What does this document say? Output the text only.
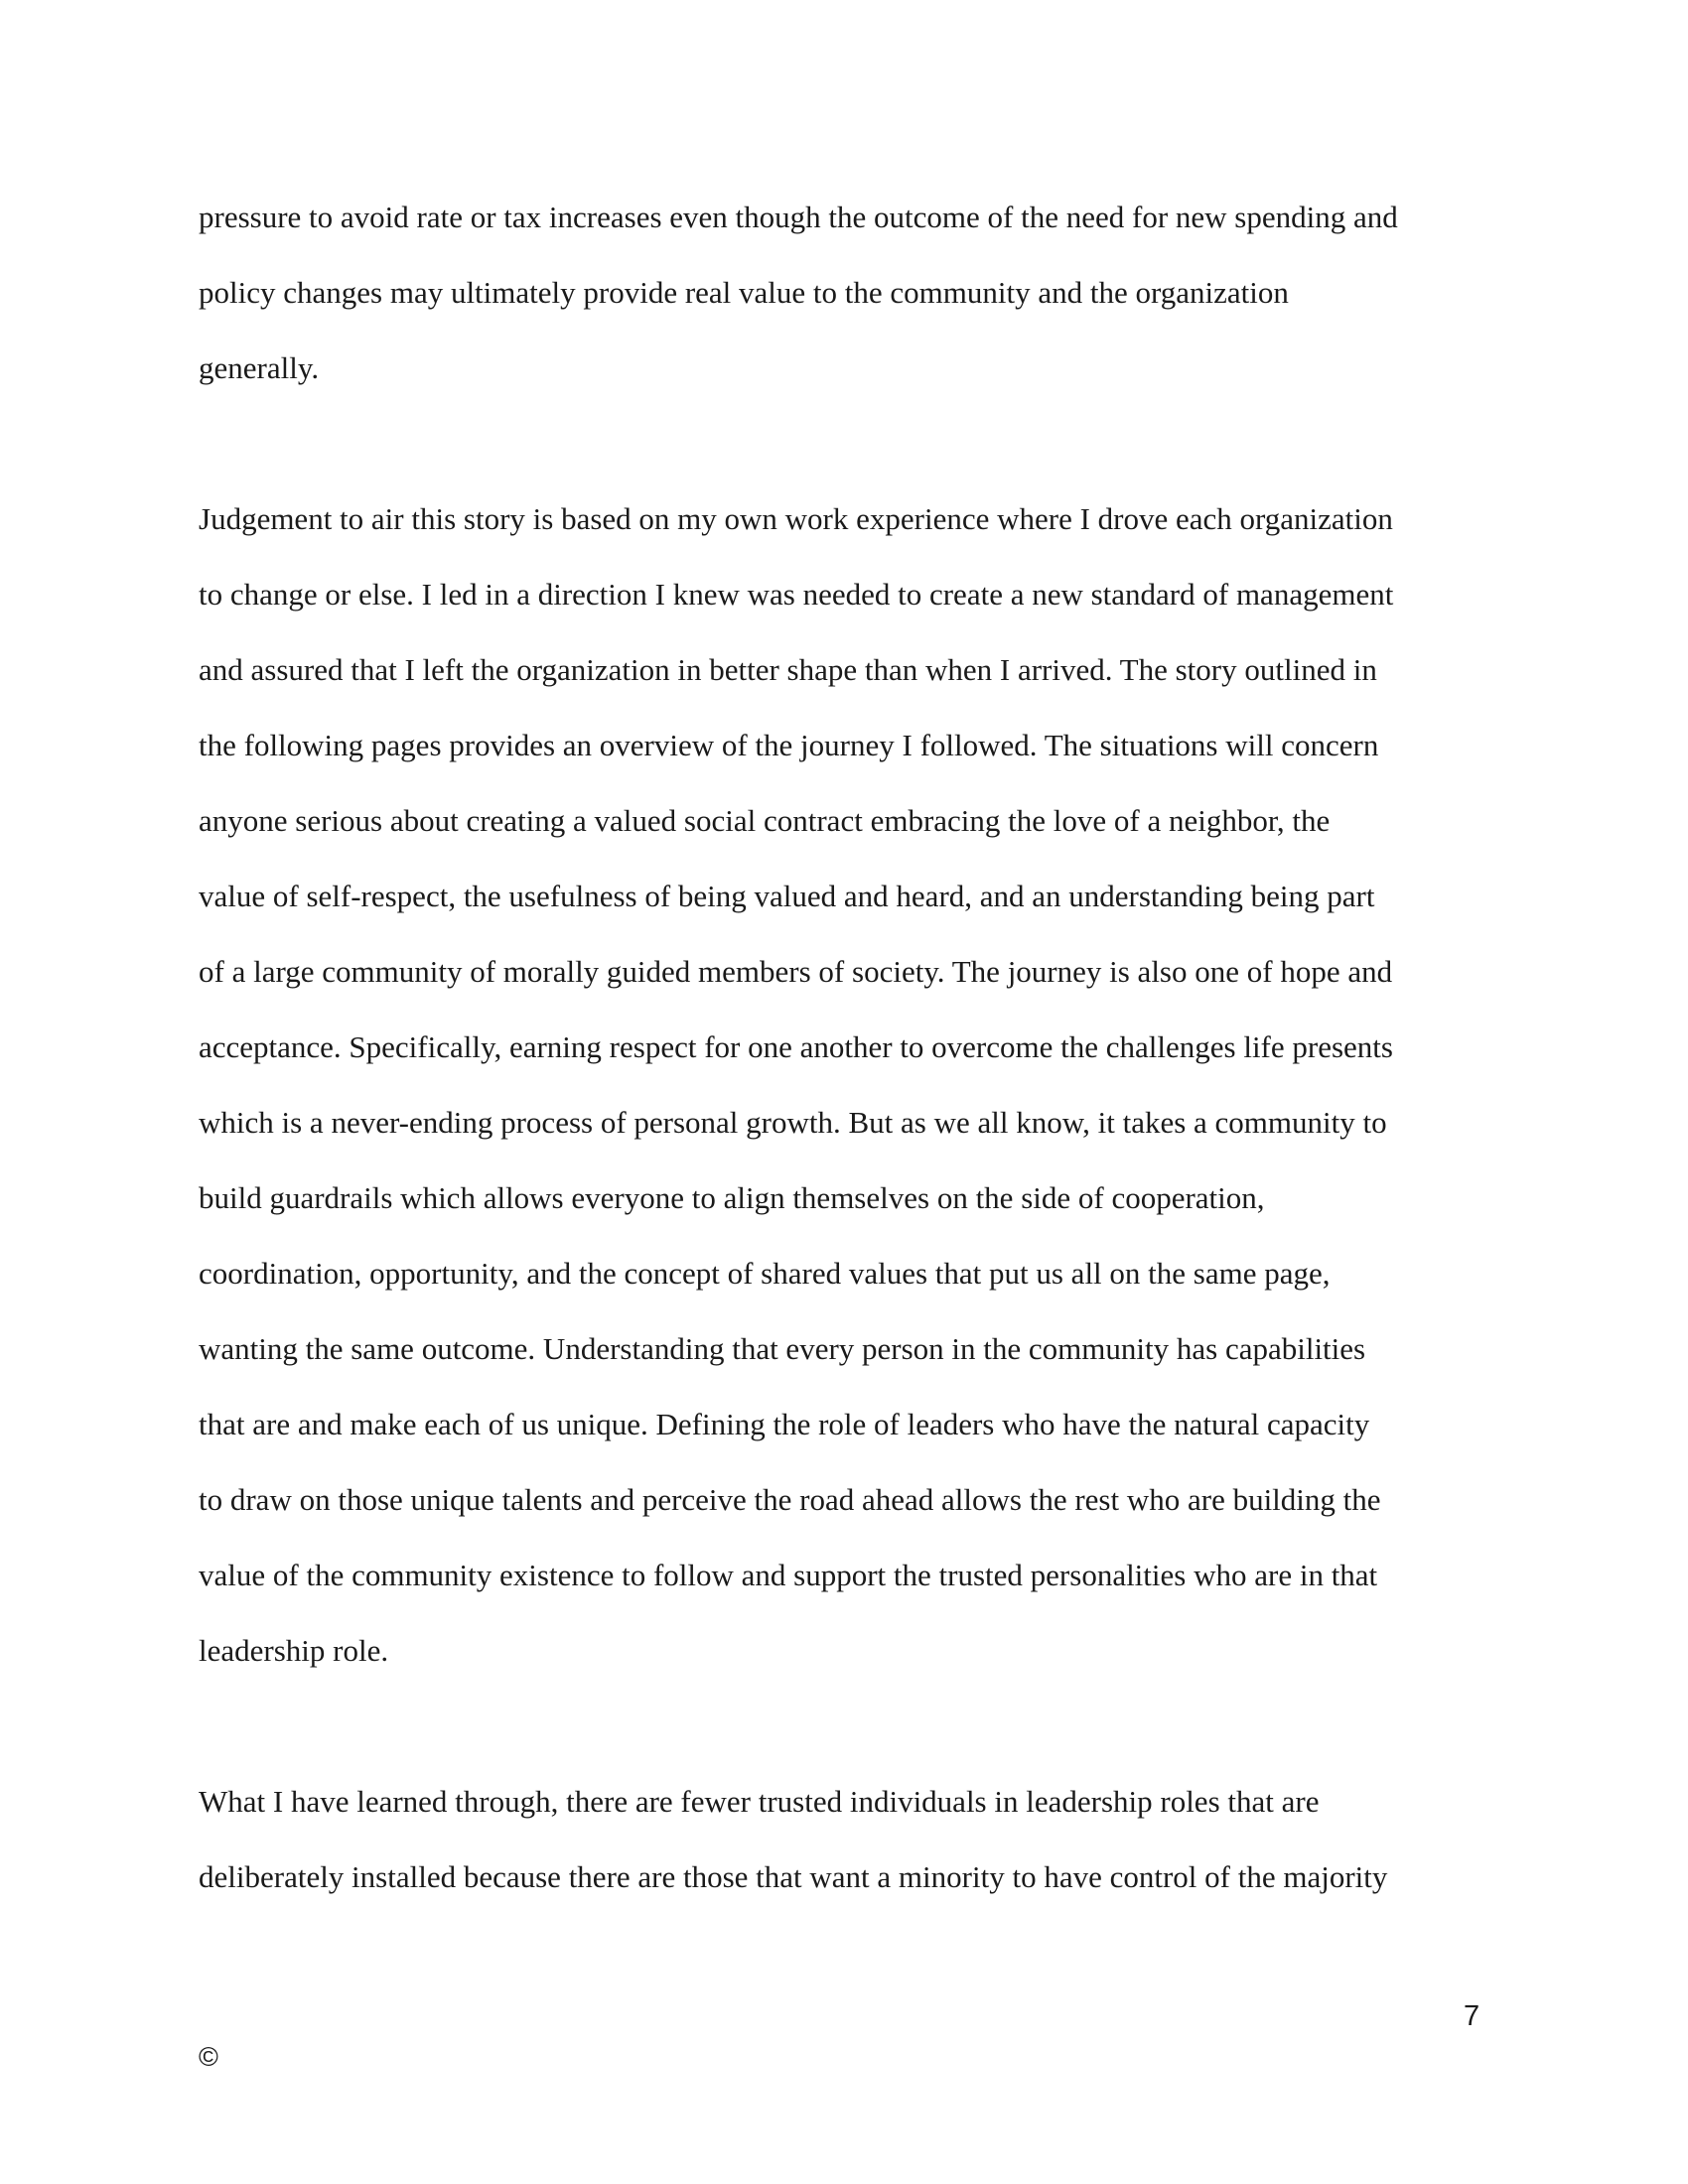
pressure to avoid rate or tax increases even though the outcome of the need for new spending and

policy changes may ultimately provide real value to the community and the organization

generally.

Judgement to air this story is based on my own work experience where I drove each organization

to change or else. I led in a direction I knew was needed to create a new standard of management

and assured that I left the organization in better shape than when I arrived. The story outlined in

the following pages provides an overview of the journey I followed. The situations will concern

anyone serious about creating a valued social contract embracing the love of a neighbor, the

value of self-respect, the usefulness of being valued and heard, and an understanding being part

of a large community of morally guided members of society. The journey is also one of hope and

acceptance. Specifically, earning respect for one another to overcome the challenges life presents

which is a never-ending process of personal growth. But as we all know, it takes a community to

build guardrails which allows everyone to align themselves on the side of cooperation,

coordination, opportunity, and the concept of shared values that put us all on the same page,

wanting the same outcome. Understanding that every person in the community has capabilities

that are and make each of us unique. Defining the role of leaders who have the natural capacity

to draw on those unique talents and perceive the road ahead allows the rest who are building the

value of the community existence to follow and support the trusted personalities who are in that

leadership role.

What I have learned through, there are fewer trusted individuals in leadership roles that are

deliberately installed because there are those that want a minority to have control of the majority

7
©
